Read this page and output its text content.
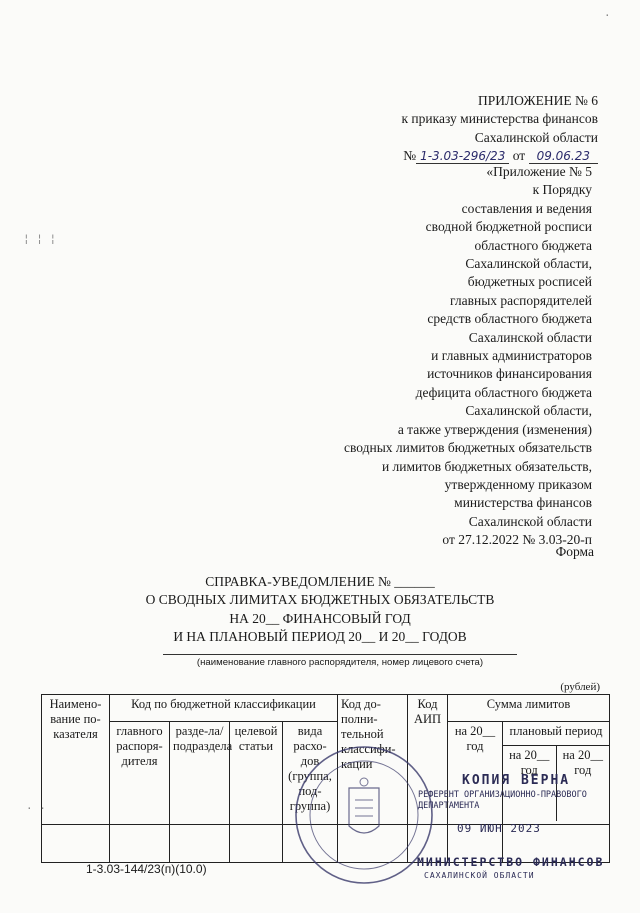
ПРИЛОЖЕНИЕ № 6
к приказу министерства финансов
Сахалинской области
№ 1-3.03-296/23 от 09.06.23
«Приложение № 5
к Порядку
составления и ведения
сводной бюджетной росписи
областного бюджета
Сахалинской области,
бюджетных росписей
главных распорядителей
средств областного бюджета
Сахалинской области
и главных администраторов
источников финансирования
дефицита областного бюджета
Сахалинской области,
а также утверждения (изменения)
сводных лимитов бюджетных обязательств
и лимитов бюджетных обязательств,
утвержденному приказом
министерства финансов
Сахалинской области
от 27.12.2022 № 3.03-20-п
Форма
СПРАВКА-УВЕДОМЛЕНИЕ № ______
О СВОДНЫХ ЛИМИТАХ БЮДЖЕТНЫХ ОБЯЗАТЕЛЬСТВ
НА 20__ ФИНАНСОВЫЙ ГОД
И НА ПЛАНОВЫЙ ПЕРИОД 20__ И 20__ ГОДОВ
(наименование главного распорядителя, номер лицевого счета)
(рублей)
Наимено-вание по-казателя	Код по бюджетной классификации				Код до-полни-тельной классифи-кации	Код АИП	Сумма лимитов	
	главного распоря-дителя	разде-ла/подраздела	целевой статьи	вида расхо-дов (группа, под-группа)			на 20__ год	плановый период
на 20__ год
на 20__ год

КОПИЯ ВЕРНА
РЕФЕРЕНТ ОРГАНИЗАЦИОННО-ПРАВОВОГО ДЕПАРТАМЕНТА
09 ИЮН 2023
МИНИСТЕРСТВО ФИНАНСОВ
САХАЛИНСКОЙ ОБЛАСТИ
1-3.03-144/23(п)(10.0)
¦ ¦ ¦
· ·
·
